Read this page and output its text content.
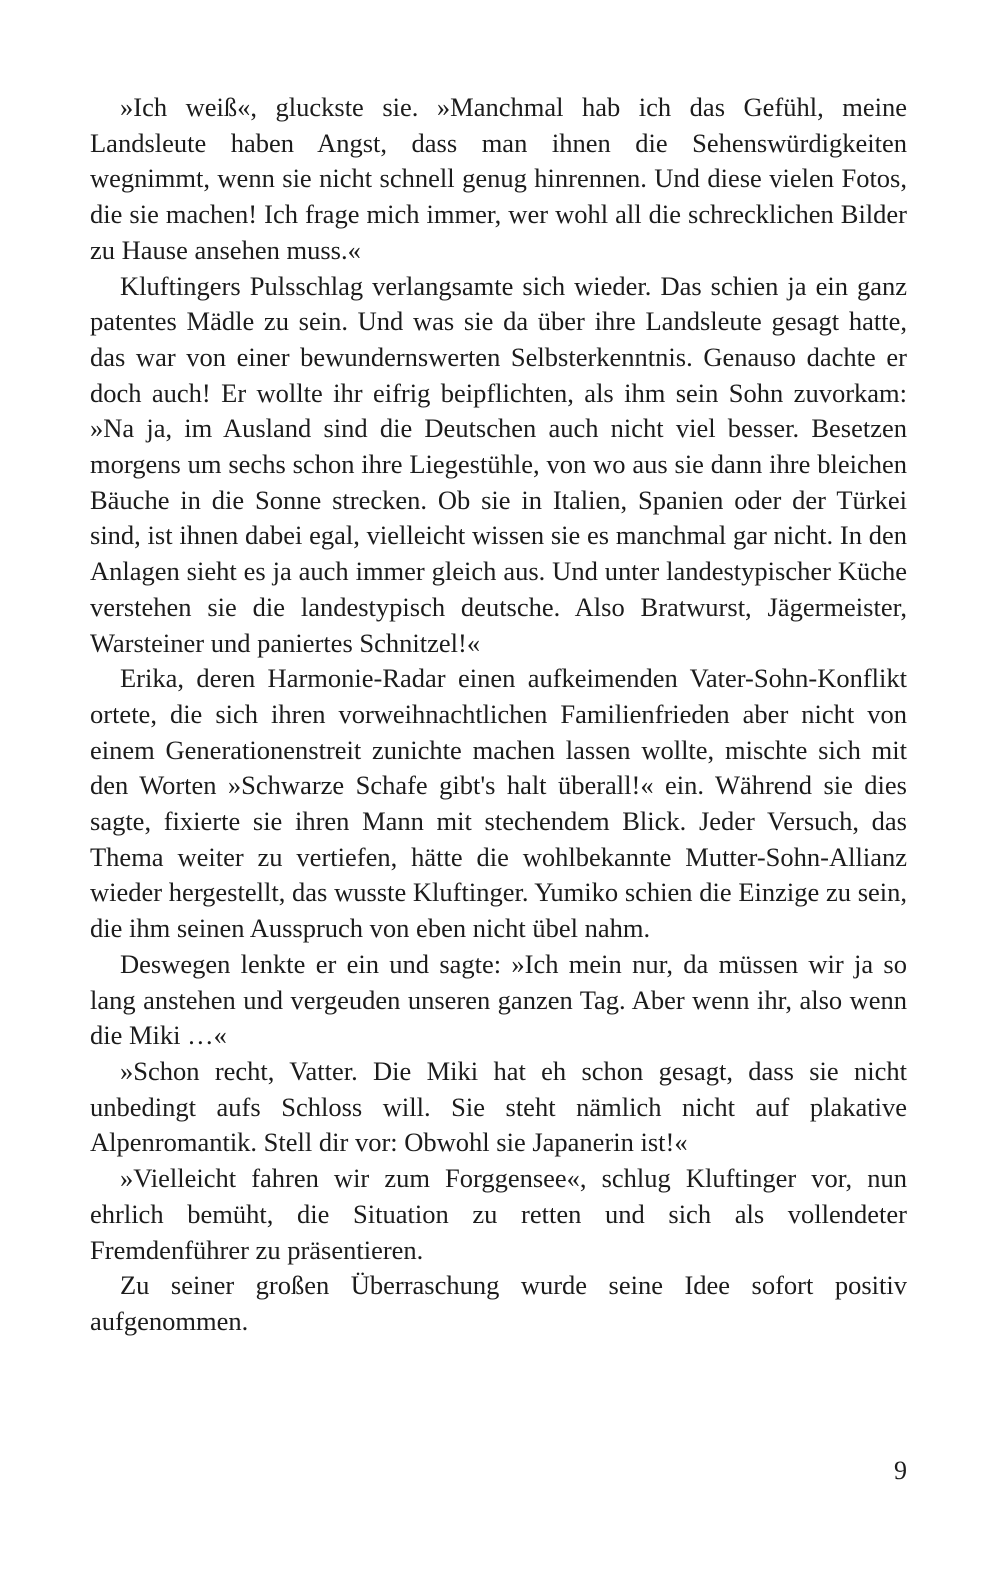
»Ich weiß«, gluckste sie. »Manchmal hab ich das Gefühl, meine Landsleute haben Angst, dass man ihnen die Sehenswürdigkeiten wegnimmt, wenn sie nicht schnell genug hinrennen. Und diese vielen Fotos, die sie machen! Ich frage mich immer, wer wohl all die schrecklichen Bilder zu Hause ansehen muss.«

Kluftingers Pulsschlag verlangsamte sich wieder. Das schien ja ein ganz patentes Mädle zu sein. Und was sie da über ihre Landsleute gesagt hatte, das war von einer bewundernswerten Selbsterkenntnis. Genauso dachte er doch auch! Er wollte ihr eifrig beipflichten, als ihm sein Sohn zuvorkam: »Na ja, im Ausland sind die Deutschen auch nicht viel besser. Besetzen morgens um sechs schon ihre Liegestühle, von wo aus sie dann ihre bleichen Bäuche in die Sonne strecken. Ob sie in Italien, Spanien oder der Türkei sind, ist ihnen dabei egal, vielleicht wissen sie es manchmal gar nicht. In den Anlagen sieht es ja auch immer gleich aus. Und unter landestypischer Küche verstehen sie die landestypisch deutsche. Also Bratwurst, Jägermeister, Warsteiner und paniertes Schnitzel!«

Erika, deren Harmonie-Radar einen aufkeimenden Vater-Sohn-Konflikt ortete, die sich ihren vorweihnachtlichen Familienfrieden aber nicht von einem Generationenstreit zunichte machen lassen wollte, mischte sich mit den Worten »Schwarze Schafe gibt's halt überall!« ein. Während sie dies sagte, fixierte sie ihren Mann mit stechendem Blick. Jeder Versuch, das Thema weiter zu vertiefen, hätte die wohlbekannte Mutter-Sohn-Allianz wieder hergestellt, das wusste Kluftinger. Yumiko schien die Einzige zu sein, die ihm seinen Ausspruch von eben nicht übel nahm.

Deswegen lenkte er ein und sagte: »Ich mein nur, da müssen wir ja so lang anstehen und vergeuden unseren ganzen Tag. Aber wenn ihr, also wenn die Miki …«

»Schon recht, Vatter. Die Miki hat eh schon gesagt, dass sie nicht unbedingt aufs Schloss will. Sie steht nämlich nicht auf plakative Alpenromantik. Stell dir vor: Obwohl sie Japanerin ist!«

»Vielleicht fahren wir zum Forggensee«, schlug Kluftinger vor, nun ehrlich bemüht, die Situation zu retten und sich als vollendeter Fremdenführer zu präsentieren.

Zu seiner großen Überraschung wurde seine Idee sofort positiv aufgenommen.

9
